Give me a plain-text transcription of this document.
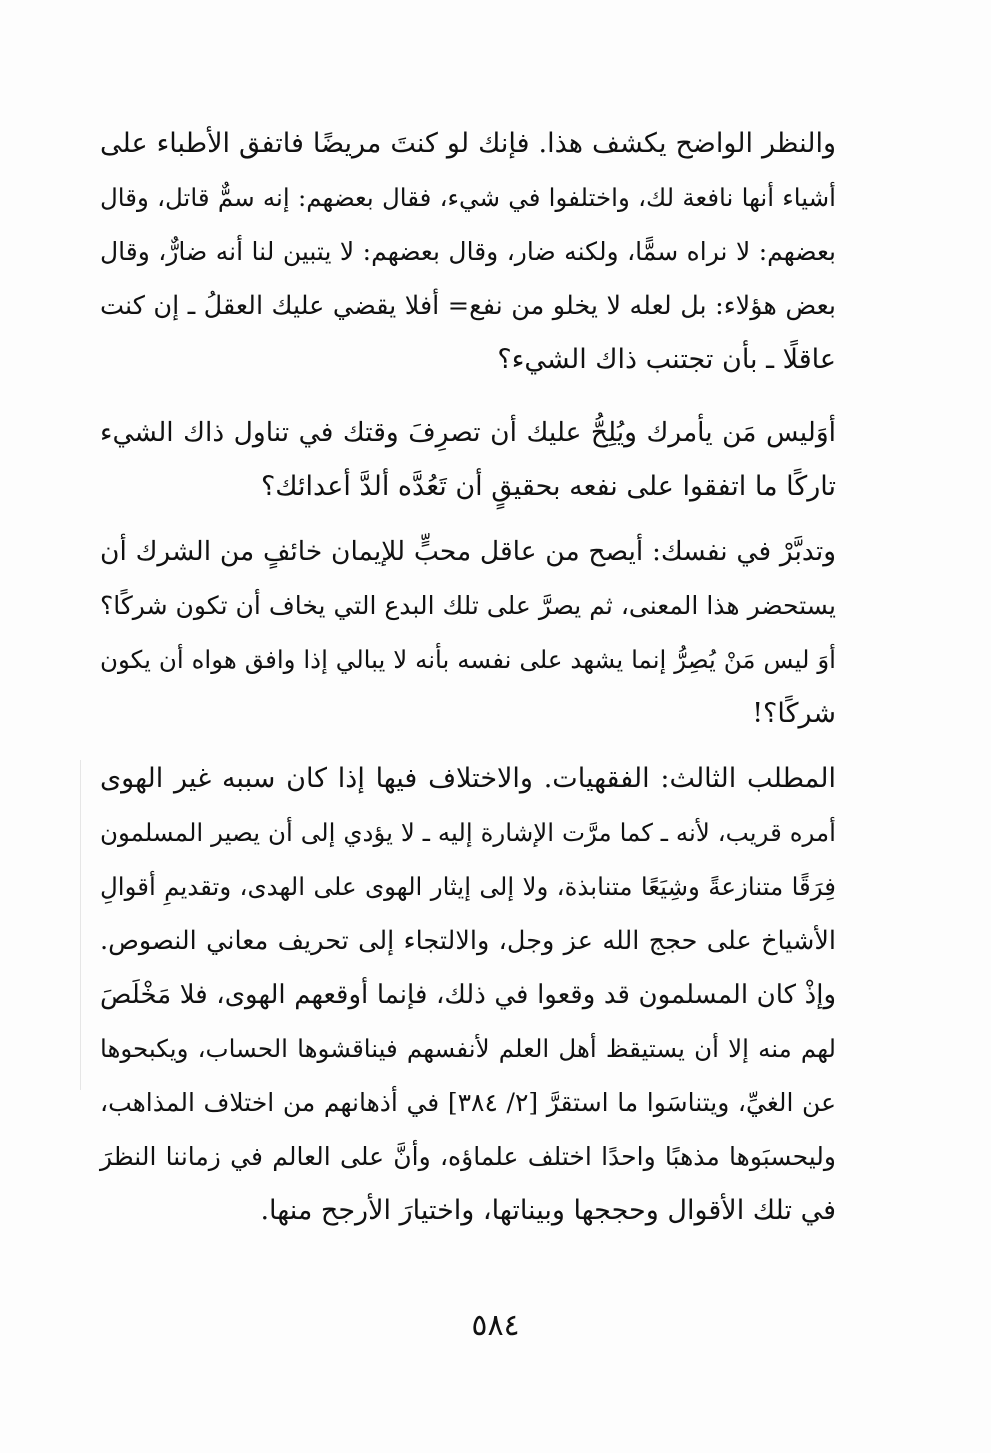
والنظر الواضح يكشف هذا. فإنك لو كنتَ مريضًا فاتفق الأطباء على
أشياء أنها نافعة لك، واختلفوا في شيء، فقال بعضهم: إنه سمٌّ قاتل، وقال
بعضهم: لا نراه سمًّا، ولكنه ضار، وقال بعضهم: لا يتبين لنا أنه ضارٌّ، وقال
بعض هؤلاء: بل لعله لا يخلو من نفع= أفلا يقضي عليك العقلُ ـ إن كنت
عاقلًا ـ بأن تجتنب ذاك الشيء؟
أوَليس مَن يأمرك ويُلِحُّ عليك أن تصرِفَ وقتك في تناول ذاك الشيء
تاركًا ما اتفقوا على نفعه بحقيقٍ أن تَعُدَّه ألدَّ أعدائك؟
وتدبَّرْ في نفسك: أيصح من عاقل محبٍّ للإيمان خائفٍ من الشرك أن
يستحضر هذا المعنى، ثم يصرَّ على تلك البدع التي يخاف أن تكون شركًا؟
أوَ ليس مَنْ يُصِرُّ إنما يشهد على نفسه بأنه لا يبالي إذا وافق هواه أن يكون
شركًا؟!
المطلب الثالث: الفقهيات. والاختلاف فيها إذا كان سببه غير الهوى
أمره قريب، لأنه ـ كما مرَّت الإشارة إليه ـ لا يؤدي إلى أن يصير المسلمون
فِرَقًا متنازعةً وشِيَعًا متنابذة، ولا إلى إيثار الهوى على الهدى، وتقديمِ أقوالِ
الأشياخ على حجج الله عز وجل، والالتجاء إلى تحريف معاني النصوص.
وإذْ كان المسلمون قد وقعوا في ذلك، فإنما أوقعهم الهوى، فلا مَخْلَصَ
لهم منه إلا أن يستيقظ أهل العلم لأنفسهم فيناقشوها الحساب، ويكبحوها
عن الغيِّ، ويتناسَوا ما استقرَّ [٢/ ٣٨٤] في أذهانهم من اختلاف المذاهب،
وليحسبَوها مذهبًا واحدًا اختلف علماؤه، وأنَّ على العالم في زماننا النظرَ
في تلك الأقوال وحججها وبيناتها، واختيارَ الأرجح منها.
٥٨٤
